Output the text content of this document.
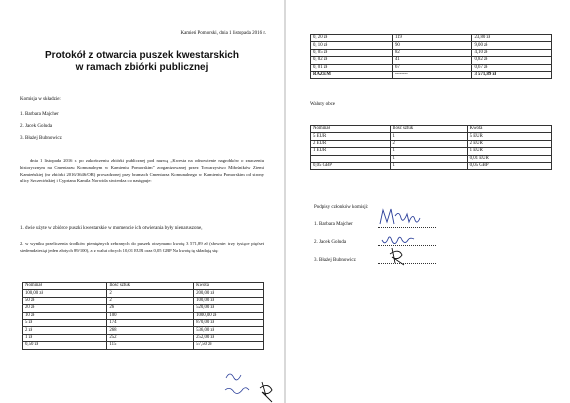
Kamień Pomorski, dnia 1 listopada 2016 r.
Protokół z otwarcia puszek kwestarskich
w ramach zbiórki publicznej
Komisja w składzie:
1. Barbara Majcher
2. Jacek Goluda
3. Błażej Bubnowicz
dnia 1 listopada 2016 r. po zakończeniu zbiórki publicznej pod nazwą „Kwesta na odnowienie nagrobków o znaczeniu historycznym na Cmentarzu Komunalnym w Kamieniu Pomorskim” zorganizowanej przez Towarzystwo Miłośników Ziemi Kamieńskiej (nr zbiórki 2016/3646/OR) prowadzonej przy bramach Cmentarza Komunalnego w Kamieniu Pomorskim od strony ulicy Szczecińskiej i Cypriana Kamila Norwida stwierdza co następuje:
1. dwie użyte w zbiórce puszki kwestarskie w momencie ich otwierania były nienaruszone,
2. w wyniku przeliczenia środków pieniężnych zebranych do puszek otrzymano kwotę 3 571,89 zł (słownie: trzy tysiące pięćset siedemdziesiąt jeden złotych 89/100), a z walut obcych 10,01 EUR oraz 0,05 GBP Na kwotę tę składają się:
Nominał	Ilość sztuk	Kwota
100,00 zł	2	200,00 zł
50 zł	2	100,00 zł
20 zł	26	520,00 zł
10 zł	100	1000,00 zł
5 zł	174	870,00 zł
2 zł	268	536,00 zł
1 zł	252	252,00 zł
0,50 zł	115	57,50 zł
0, 20 zł	119	23,80 zł
0, 10 zł	90	9,00 zł
0, 05 zł	82	4,10 zł
0, 02 zł	41	0,82 zł
0, 01 zł	67	0,67 zł
RAZEM	--------	3 571,89 zł
Waluty obce
Nominał	Ilość sztuk	Kwota
5 EUR	1	5 EUR
2 EUR	2	2 EUR
1 EUR	1	1 EUR
	1	0,01 EUR
0,05 GBP	1	0,05 GBP
Podpisy członków komisji:
1. Barbara Majcher
2. Jacek Goluda
3. Błażej Bubnowicz
